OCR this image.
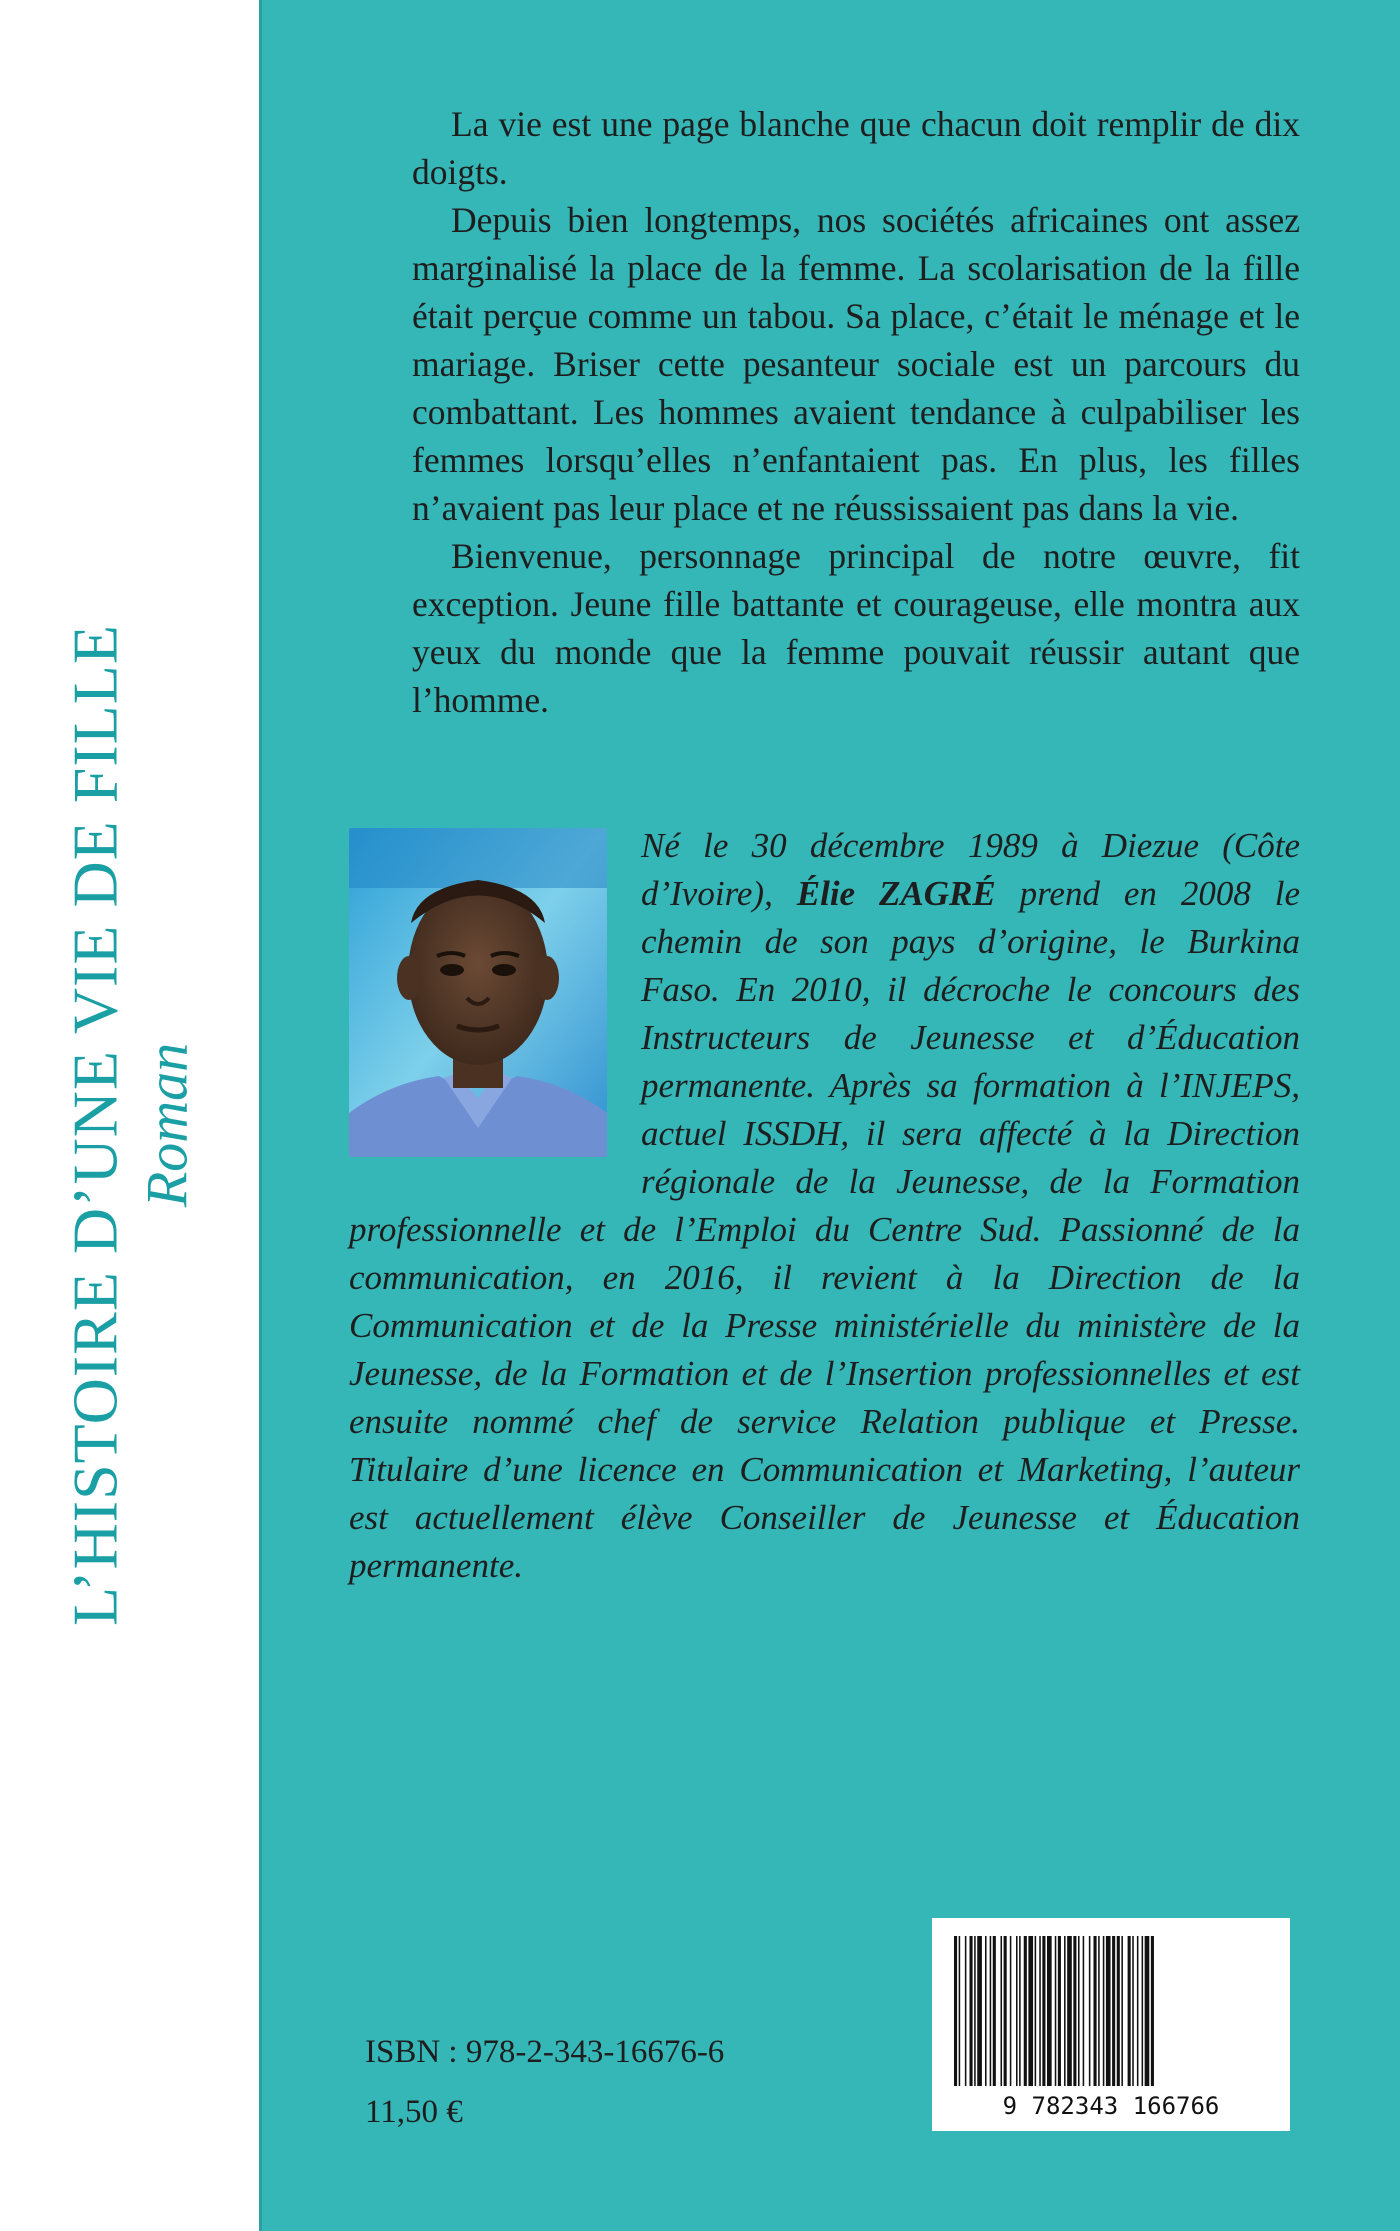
L’HISTOIRE D’UNE VIE DE FILLE Roman

La vie est une page blanche que chacun doit remplir de dix doigts.

Depuis bien longtemps, nos sociétés africaines ont assez marginalisé la place de la femme. La scolarisation de la fille était perçue comme un tabou. Sa place, c’était le ménage et le mariage. Briser cette pesanteur sociale est un parcours du combattant. Les hommes avaient tendance à culpabiliser les femmes lorsqu’elles n’enfantaient pas. En plus, les filles n’avaient pas leur place et ne réussissaient pas dans la vie.

Bienvenue, personnage principal de notre œuvre, fit exception. Jeune fille battante et courageuse, elle montra aux yeux du monde que la femme pouvait réussir autant que l’homme.

Né le 30 décembre 1989 à Diezue (Côte d’Ivoire), Élie ZAGRÉ prend en 2008 le chemin de son pays d’origine, le Burkina Faso. En 2010, il décroche le concours des Instructeurs de Jeunesse et d’Éducation permanente. Après sa formation à l’INJEPS, actuel ISSDH, il sera affecté à la Direction régionale de la Jeunesse, de la Formation professionnelle et de l’Emploi du Centre Sud. Passionné de la communication, en 2016, il revient à la Direction de la Communication et de la Presse ministérielle du ministère de la Jeunesse, de la Formation et de l’Insertion professionnelles et est ensuite nommé chef de service Relation publique et Presse. Titulaire d’une licence en Communication et Marketing, l’auteur est actuellement élève Conseiller de Jeunesse et Éducation permanente.
9 782343 166766
ISBN : 978-2-343-16676-6
11,50 €
